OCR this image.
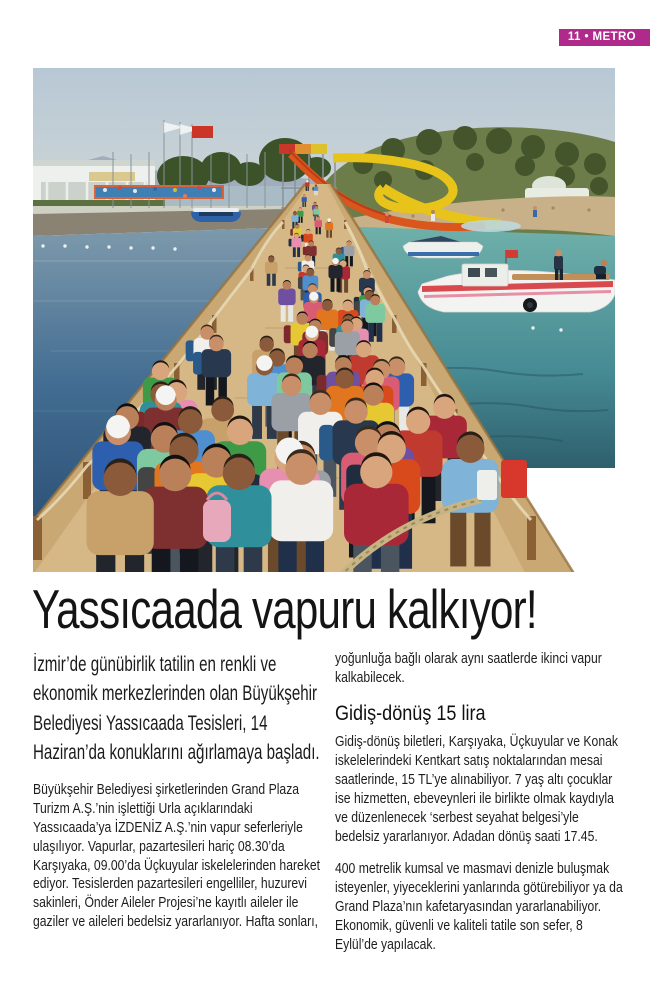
11 • METRO
Yassıcaada vapuru kalkıyor!

İzmir’de günübirlik tatilin en renkli ve ekonomik merkezlerinden olan Büyükşehir Belediyesi Yassıcaada Tesisleri, 14 Haziran’da konuklarını ağırlamaya başladı.

Büyükşehir Belediyesi şirketlerinden Grand Plaza Turizm A.Ş.’nin işlettiği Urla açıklarındaki Yassıcaada’ya İZDENİZ A.Ş.’nin vapur seferleriyle ulaşılıyor. Vapurlar, pazartesileri hariç 08.30’da Karşıyaka, 09.00’da Üçkuyular iskelelerinden hareket ediyor. Tesislerden pazartesileri engelliler, huzurevi sakinleri, Önder Aileler Projesi’ne kayıtlı aileler ile gaziler ve aileleri bedelsiz yararlanıyor. Hafta sonları,

yoğunluğa bağlı olarak aynı saatlerde ikinci vapur kalkabilecek.

Gidiş-dönüş 15 lira

Gidiş-dönüş biletleri, Karşıyaka, Üçkuyular ve Konak iskelelerindeki Kentkart satış noktalarından mesai saatlerinde, 15 TL’ye alınabiliyor. 7 yaş altı çocuklar ise hizmetten, ebeveynleri ile birlikte olmak kaydıyla ve düzenlenecek ‘serbest seyahat belgesi’yle bedelsiz yararlanıyor. Adadan dönüş saati 17.45.

400 metrelik kumsal ve masmavi denizle buluşmak isteyenler, yiyeceklerini yanlarında götürebiliyor ya da Grand Plaza’nın kafetaryasından yararlanabiliyor. Ekonomik, güvenli ve kaliteli tatile son sefer, 8 Eylül’de yapılacak.
